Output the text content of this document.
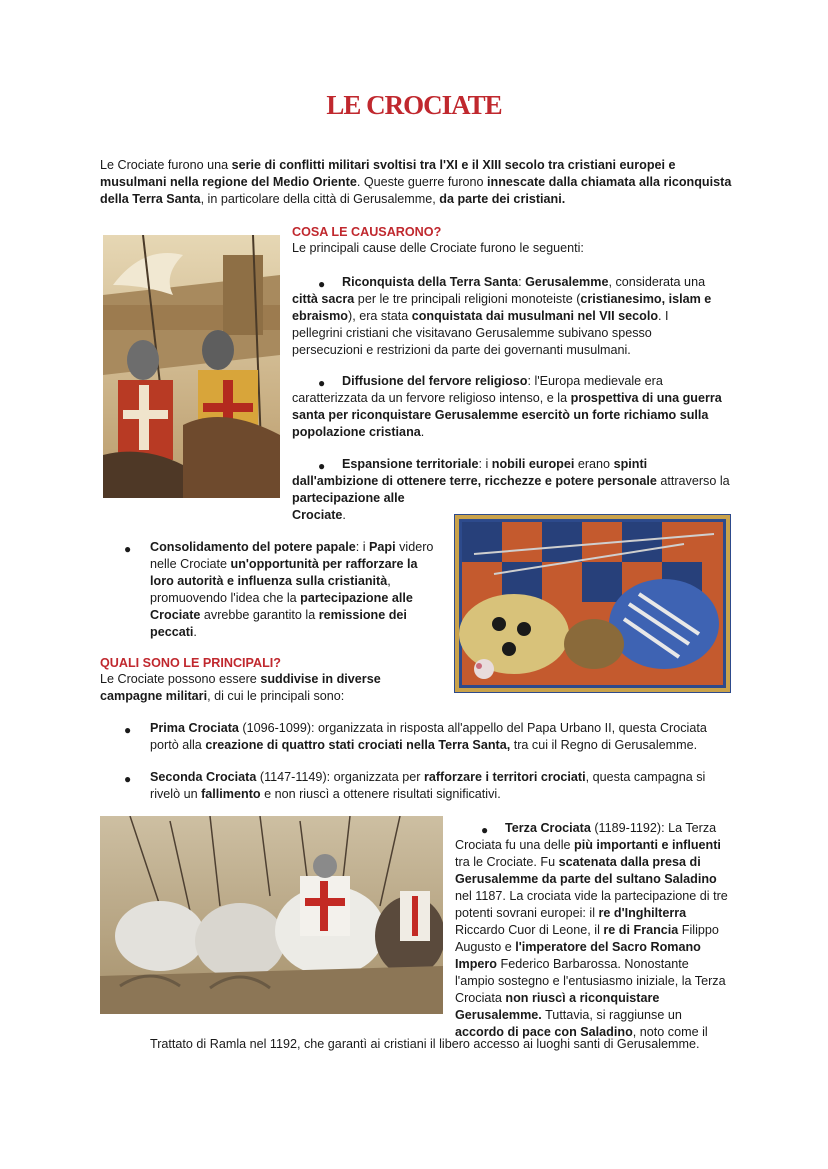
LE CROCIATE

Le Crociate furono una serie di conflitti militari svoltisi tra l'XI e il XIII secolo tra cristiani europei e musulmani nella regione del Medio Oriente. Queste guerre furono innescate dalla chiamata alla riconquista della Terra Santa, in particolare della città di Gerusalemme, da parte dei cristiani.

COSA LE CAUSARONO?

Le principali cause delle Crociate furono le seguenti:

●	Riconquista della Terra Santa: Gerusalemme, considerata una città sacra per le tre principali religioni monoteiste (cristianesimo, islam e ebraismo), era stata conquistata dai musulmani nel VII secolo. I pellegrini cristiani che visitavano Gerusalemme subivano spesso persecuzioni e restrizioni da parte dei governanti musulmani.

●	Diffusione del fervore religioso: l'Europa medievale era caratterizzata da un fervore religioso intenso, e la prospettiva di una guerra santa per riconquistare Gerusalemme esercitò un forte richiamo sulla popolazione cristiana.

●	Espansione territoriale: i nobili europei erano spinti
dall'ambizione di ottenere terre, ricchezze e potere personale attraverso la partecipazione alle
Crociate.

● Consolidamento del potere papale: i Papi videro nelle Crociate un'opportunità per rafforzare la loro autorità e influenza sulla cristianità, promuovendo l'idea che la partecipazione alle Crociate avrebbe garantito la remissione dei peccati.

QUALI SONO LE PRINCIPALI?

Le Crociate possono essere suddivise in diverse campagne militari, di cui le principali sono:

● Prima Crociata (1096-1099): organizzata in risposta all'appello del Papa Urbano II, questa Crociata portò alla creazione di quattro stati crociati nella Terra Santa, tra cui il Regno di Gerusalemme.

● Seconda Crociata (1147-1149): organizzata per rafforzare i territori crociati, questa campagna si rivelò un fallimento e non riuscì a ottenere risultati significativi.

●	Terza Crociata (1189-1192): La Terza Crociata fu una delle più importanti e influenti tra le Crociate. Fu scatenata dalla presa di Gerusalemme da parte del sultano Saladino nel 1187. La crociata vide la partecipazione di tre potenti sovrani europei: il re d'Inghilterra Riccardo Cuor di Leone, il re di Francia Filippo Augusto e l'imperatore del Sacro Romano Impero Federico Barbarossa. Nonostante l'ampio sostegno e l'entusiasmo iniziale, la Terza Crociata non riuscì a riconquistare Gerusalemme. Tuttavia, si raggiunse un accordo di pace con Saladino, noto come il

Trattato di Ramla nel 1192, che garantì ai cristiani il libero accesso ai luoghi santi di Gerusalemme.
